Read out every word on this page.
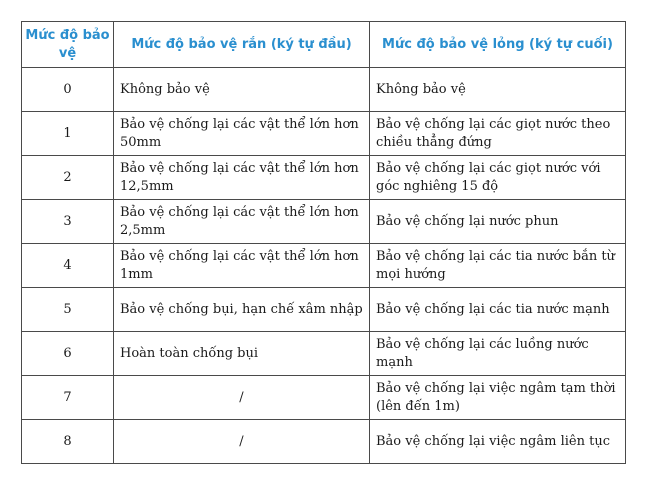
Mức độ bảo vệ	Mức độ bảo vệ rắn (ký tự đầu)	Mức độ bảo vệ lỏng (ký tự cuối)
0	Không bảo vệ	Không bảo vệ
1	Bảo vệ chống lại các vật thể lớn hơn 50mm	Bảo vệ chống lại các giọt nước theo chiều thẳng đứng
2	Bảo vệ chống lại các vật thể lớn hơn 12,5mm	Bảo vệ chống lại các giọt nước với góc nghiêng 15 độ
3	Bảo vệ chống lại các vật thể lớn hơn 2,5mm	Bảo vệ chống lại nước phun
4	Bảo vệ chống lại các vật thể lớn hơn 1mm	Bảo vệ chống lại các tia nước bắn từ mọi hướng
5	Bảo vệ chống bụi, hạn chế xâm nhập	Bảo vệ chống lại các tia nước mạnh
6	Hoàn toàn chống bụi	Bảo vệ chống lại các luồng nước mạnh
7	/	Bảo vệ chống lại việc ngâm tạm thời (lên đến 1m)
8	/	Bảo vệ chống lại việc ngâm liên tục
